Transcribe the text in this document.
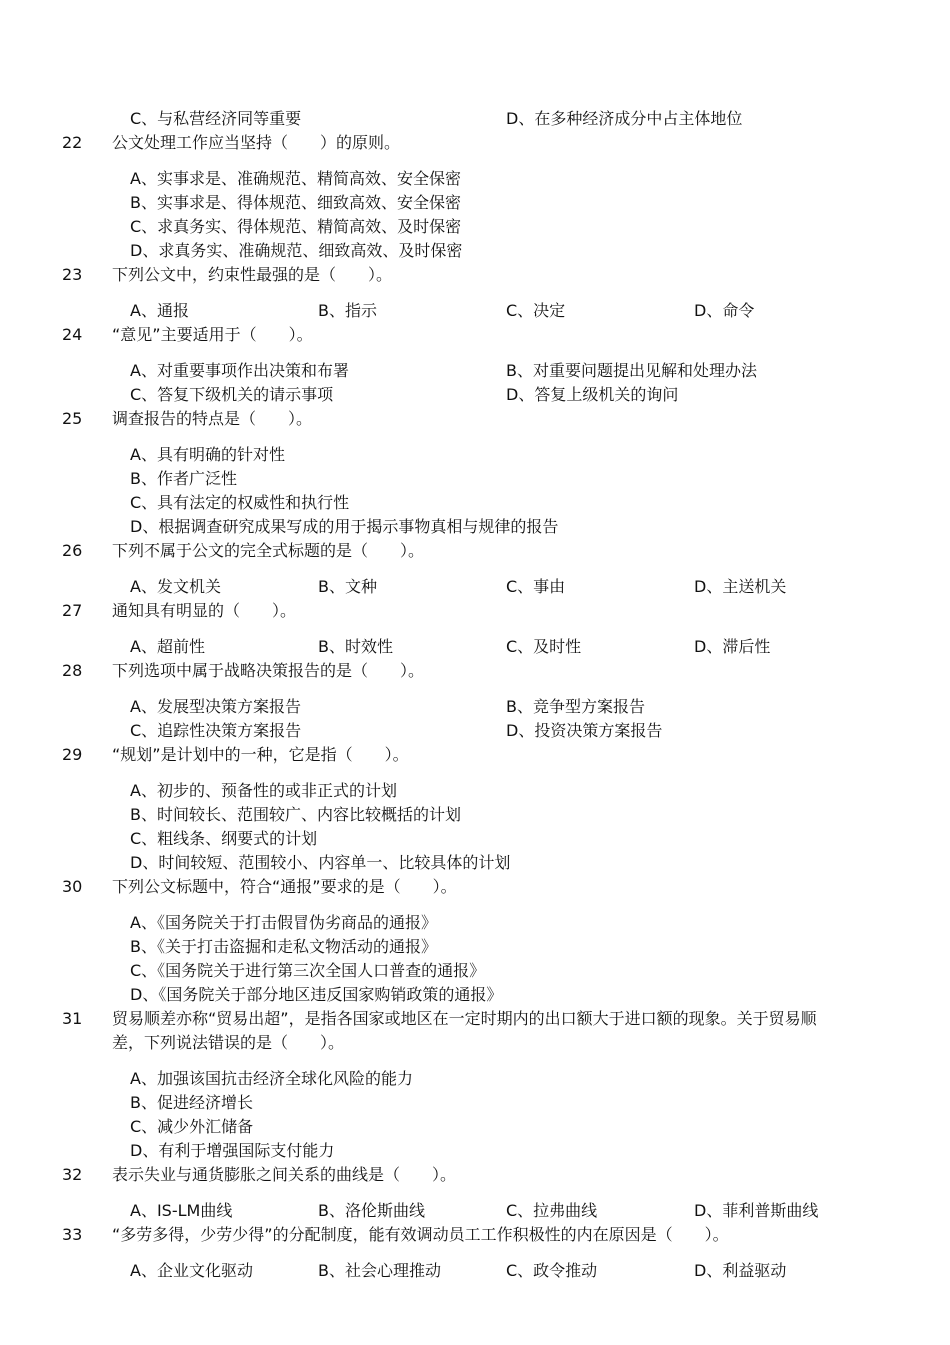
C、与私营经济同等重要	D、在多种经济成分中占主体地位
22	公文处理工作应当坚持（　　）的原则。
A、实事求是、准确规范、精简高效、安全保密
B、实事求是、得体规范、细致高效、安全保密
C、求真务实、得体规范、精简高效、及时保密
D、求真务实、准确规范、细致高效、及时保密
23	下列公文中，约束性最强的是（　　）。
A、通报	B、指示	C、决定	D、命令
24	“意见”主要适用于（　　）。
A、对重要事项作出决策和布署	B、对重要问题提出见解和处理办法
C、答复下级机关的请示事项	D、答复上级机关的询问
25	调查报告的特点是（　　）。
A、具有明确的针对性
B、作者广泛性
C、具有法定的权威性和执行性
D、根据调查研究成果写成的用于揭示事物真相与规律的报告
26	下列不属于公文的完全式标题的是（　　）。
A、发文机关	B、文种	C、事由	D、主送机关
27	通知具有明显的（　　）。
A、超前性	B、时效性	C、及时性	D、滞后性
28	下列选项中属于战略决策报告的是（　　）。
A、发展型决策方案报告	B、竞争型方案报告
C、追踪性决策方案报告	D、投资决策方案报告
29	“规划”是计划中的一种，它是指（　　）。
A、初步的、预备性的或非正式的计划
B、时间较长、范围较广、内容比较概括的计划
C、粗线条、纲要式的计划
D、时间较短、范围较小、内容单一、比较具体的计划
30	下列公文标题中，符合“通报”要求的是（　　）。
A、《国务院关于打击假冒伪劣商品的通报》
B、《关于打击盗掘和走私文物活动的通报》
C、《国务院关于进行第三次全国人口普查的通报》
D、《国务院关于部分地区违反国家购销政策的通报》
31	贸易顺差亦称“贸易出超”，是指各国家或地区在一定时期内的出口额大于进口额的现象。关于贸易顺
差，下列说法错误的是（　　）。
A、加强该国抗击经济全球化风险的能力
B、促进经济增长
C、减少外汇储备
D、有利于增强国际支付能力
32	表示失业与通货膨胀之间关系的曲线是（　　）。
A、IS-LM曲线	B、洛伦斯曲线	C、拉弗曲线	D、菲利普斯曲线
33	“多劳多得，少劳少得”的分配制度，能有效调动员工工作积极性的内在原因是（　　）。
A、企业文化驱动	B、社会心理推动	C、政令推动	D、利益驱动
